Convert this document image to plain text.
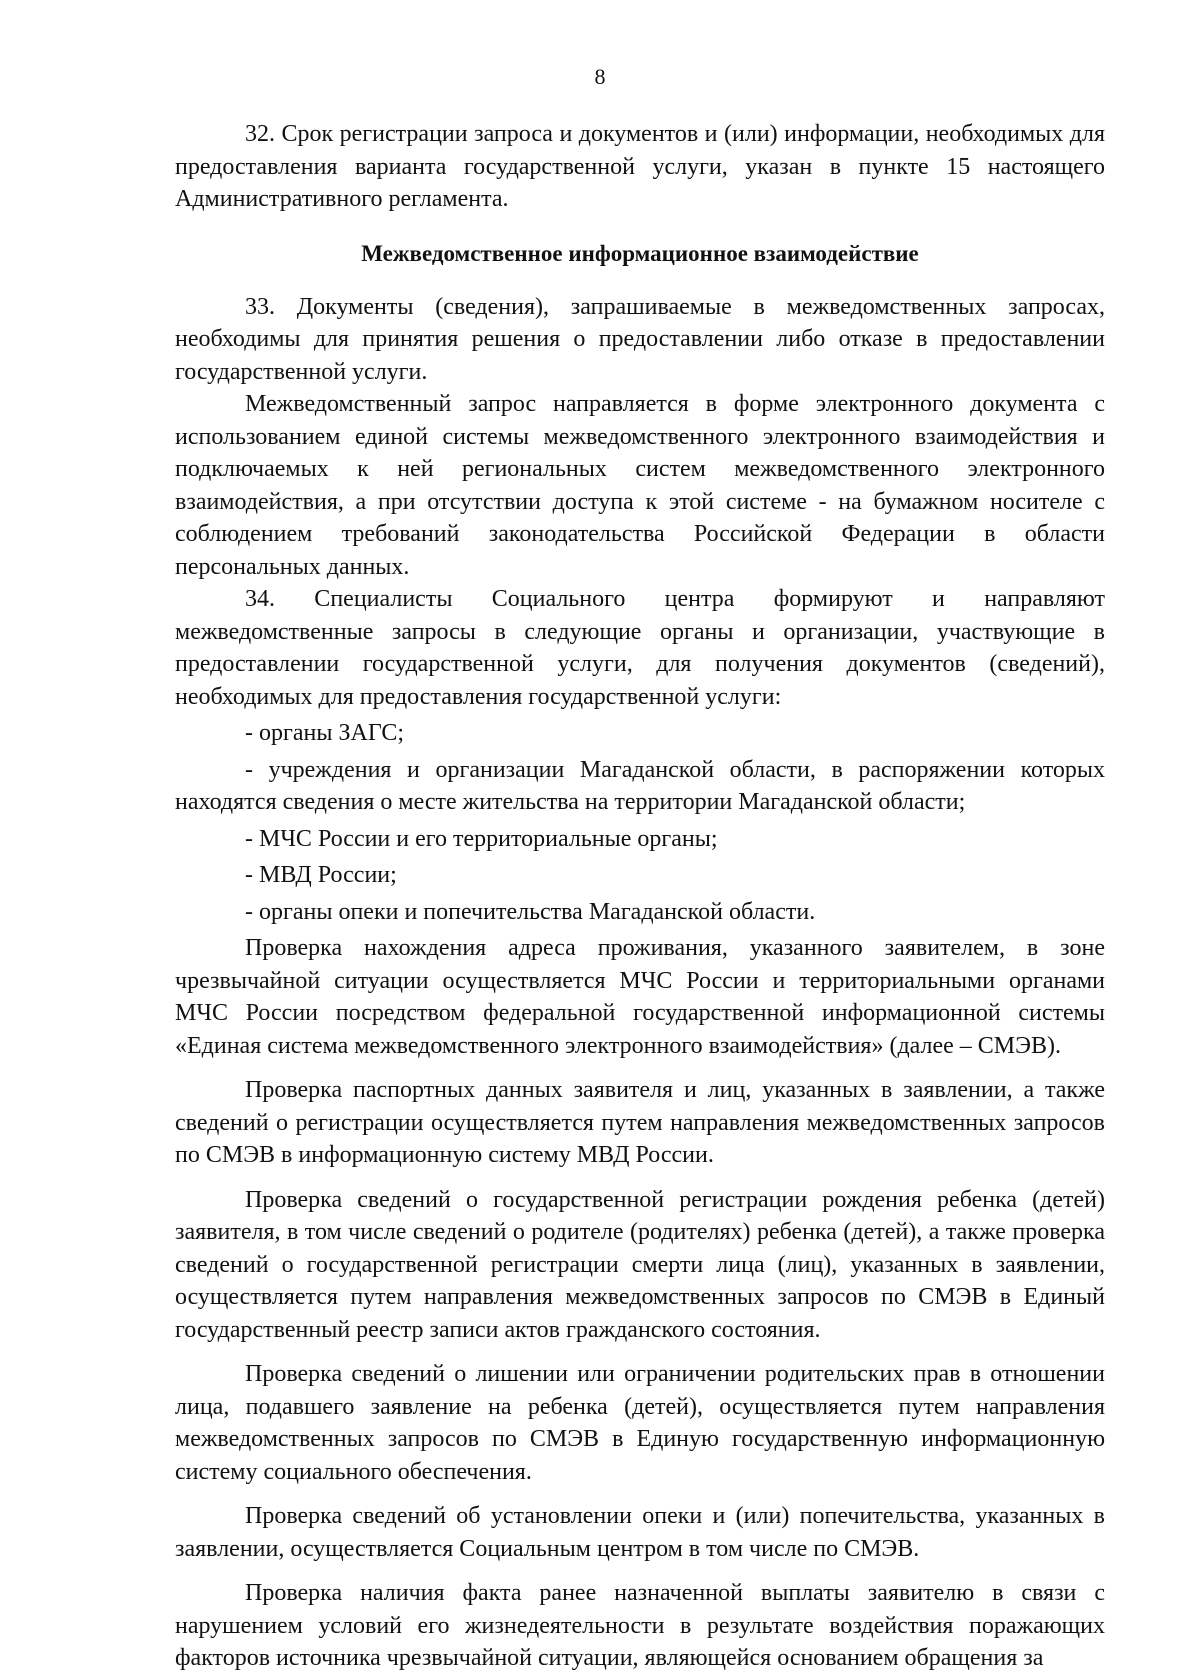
8

32. Срок регистрации запроса и документов и (или) информации, необходимых для предоставления варианта государственной услуги, указан в пункте 15 настоящего Административного регламента.

Межведомственное информационное взаимодействие

33. Документы (сведения), запрашиваемые в межведомственных запросах, необходимы для принятия решения о предоставлении либо отказе в предоставлении государственной услуги.

Межведомственный запрос направляется в форме электронного документа с использованием единой системы межведомственного электронного взаимодействия и подключаемых к ней региональных систем межведомственного электронного взаимодействия, а при отсутствии доступа к этой системе - на бумажном носителе с соблюдением требований законодательства Российской Федерации в области персональных данных.

34. Специалисты Социального центра формируют и направляют межведомственные запросы в следующие органы и организации, участвующие в предоставлении государственной услуги, для получения документов (сведений), необходимых для предоставления государственной услуги:

- органы ЗАГС;

- учреждения и организации Магаданской области, в распоряжении которых находятся сведения о месте жительства на территории Магаданской области;

- МЧС России и его территориальные органы;

- МВД России;

- органы опеки и попечительства Магаданской области.

Проверка нахождения адреса проживания, указанного заявителем, в зоне чрезвычайной ситуации осуществляется МЧС России и территориальными органами МЧС России посредством федеральной государственной информационной системы «Единая система межведомственного электронного взаимодействия» (далее – СМЭВ).

Проверка паспортных данных заявителя и лиц, указанных в заявлении, а также сведений о регистрации осуществляется путем направления межведомственных запросов по СМЭВ в информационную систему МВД России.

Проверка сведений о государственной регистрации рождения ребенка (детей) заявителя, в том числе сведений о родителе (родителях) ребенка (детей), а также проверка сведений о государственной регистрации смерти лица (лиц), указанных в заявлении, осуществляется путем направления межведомственных запросов по СМЭВ в Единый государственный реестр записи актов гражданского состояния.

Проверка сведений о лишении или ограничении родительских прав в отношении лица, подавшего заявление на ребенка (детей), осуществляется путем направления межведомственных запросов по СМЭВ в Единую государственную информационную систему социального обеспечения.

Проверка сведений об установлении опеки и (или) попечительства, указанных в заявлении, осуществляется Социальным центром в том числе по СМЭВ.

Проверка наличия факта ранее назначенной выплаты заявителю в связи с нарушением условий его жизнедеятельности в результате воздействия поражающих факторов источника чрезвычайной ситуации, являющейся основанием обращения за
